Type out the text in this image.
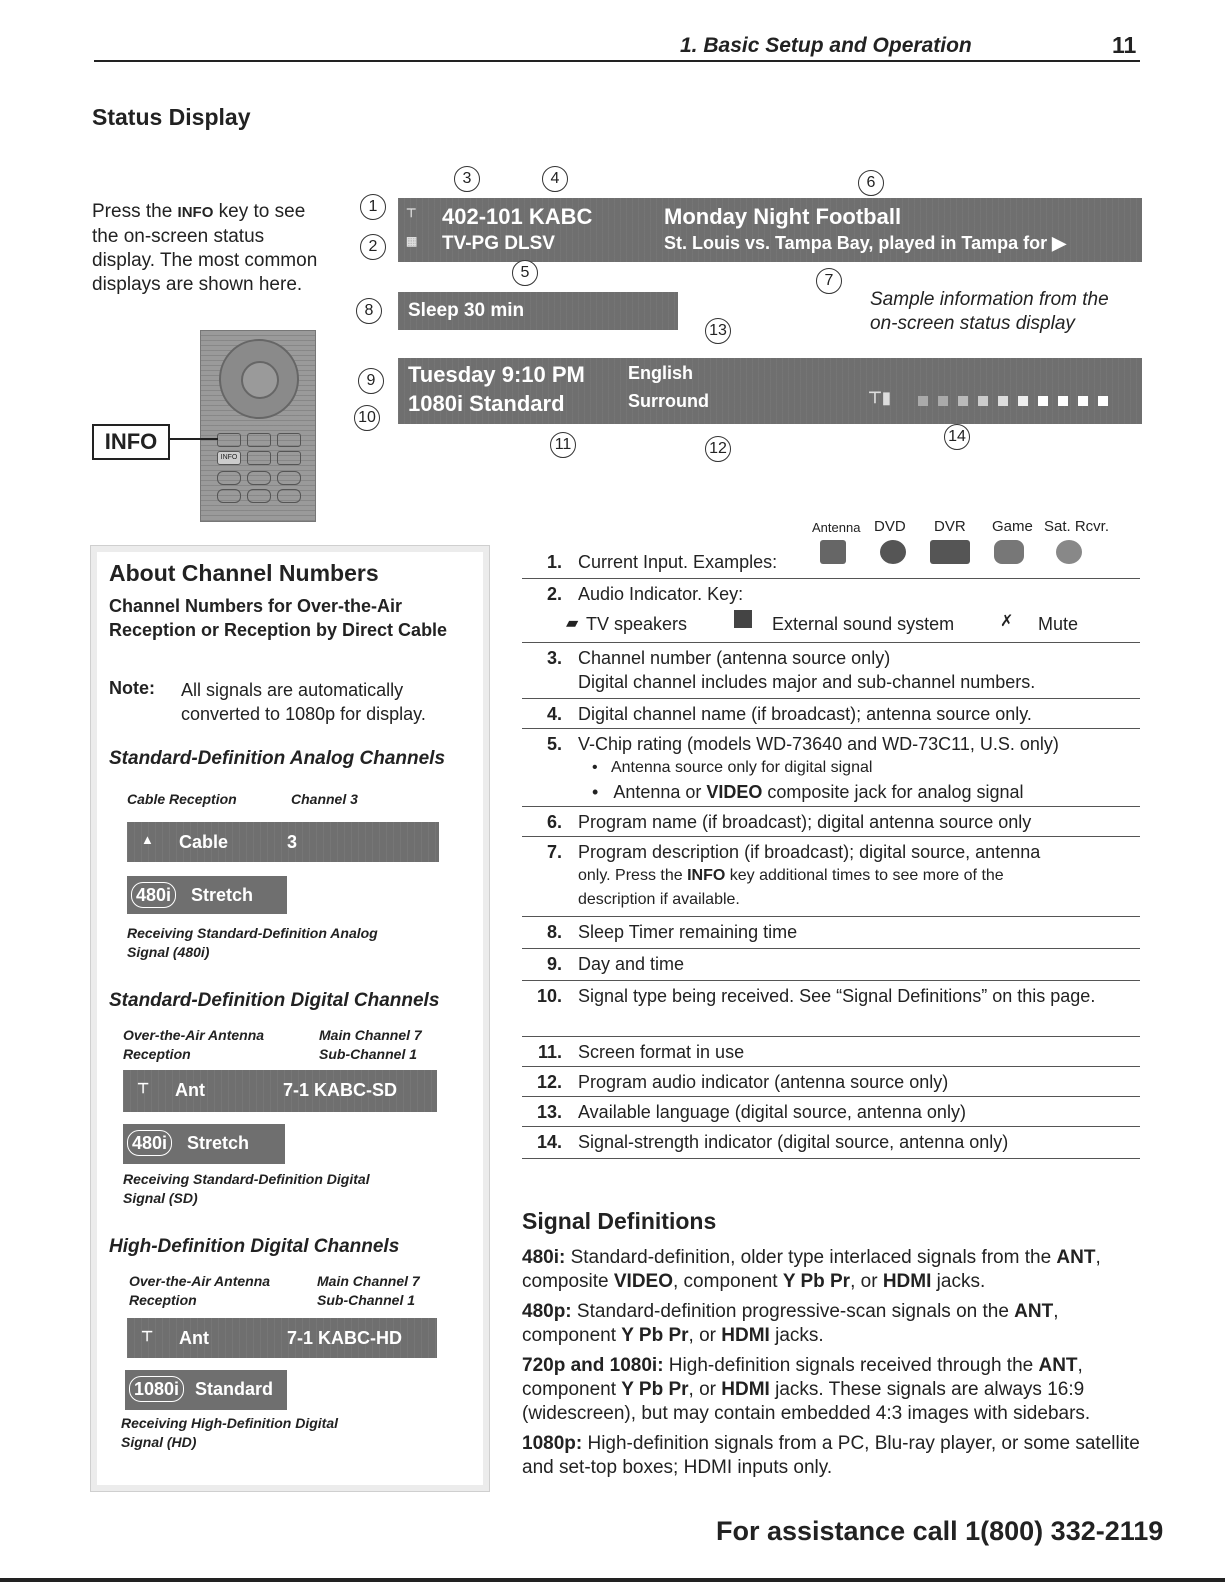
1. Basic Setup and Operation	11
Status Display
Press the INFO key to see the on-screen status display. The most common displays are shown here.
INFO
INFO
⊤ 402-101 KABC	Monday Night Football
▦ TV-PG DLSV	St. Louis vs. Tampa Bay, played in Tampa for ▶
Sleep 30 min
Tuesday 9:10 PM English
1080i Standard	Surround	⊤▮
Sample information from the on-screen status display
1
2
3	4
5
6
7
8
9
10
11	12
13
14
About Channel Numbers
Channel Numbers for Over-the-Air Reception or Reception by Direct Cable
Note: All signals are automatically converted to 1080p for display.
Standard-Definition Analog Channels
Cable Reception	Channel 3
▲ Cable	3
480i Stretch
Receiving Standard-Definition Analog Signal (480i)
Standard-Definition Digital Channels
Over-the-Air Antenna Reception
Main Channel 7 Sub-Channel 1
⊤ Ant	7-1 KABC-SD
480i Stretch
Receiving Standard-Definition Digital Signal (SD)
High-Definition Digital Channels
Over-the-Air Antenna Reception
Main Channel 7 Sub-Channel 1
⊤ Ant	7-1 KABC-HD
1080i Standard
Receiving High-Definition Digital Signal (HD)
Antenna DVD DVR Game Sat. Rcvr.
1. Current Input. Examples:
2. Audio Indicator. Key:
▰ TV speakers	External sound system	✗ Mute
3. Channel number (antenna source only)
Digital channel includes major and sub-channel numbers.
4. Digital channel name (if broadcast); antenna source only.
5. V-Chip rating (models WD-73640 and WD-73C11, U.S. only)
•   Antenna source only for digital signal
•   Antenna or VIDEO composite jack for analog signal
6. Program name (if broadcast); digital antenna source only
7. Program description (if broadcast); digital source, antenna
only. Press the INFO key additional times to see more of the
description if available.
8. Sleep Timer remaining time
9. Day and time
10. Signal type being received. See “Signal Definitions” on this page.
11. Screen format in use
12. Program audio indicator (antenna source only)
13. Available language (digital source, antenna only)
14. Signal-strength indicator (digital source, antenna only)
Signal Definitions
480i: Standard-definition, older type interlaced signals from the ANT, composite VIDEO, component Y Pb Pr, or HDMI jacks.
480p: Standard-definition progressive-scan signals on the ANT, component Y Pb Pr, or HDMI jacks.
720p and 1080i: High-definition signals received through the ANT, component Y Pb Pr, or HDMI jacks. These signals are always 16:9 (widescreen), but may contain embedded 4:3 images with sidebars.
1080p: High-definition signals from a PC, Blu-ray player, or some satellite and set-top boxes; HDMI inputs only.
For assistance call 1(800) 332-2119
